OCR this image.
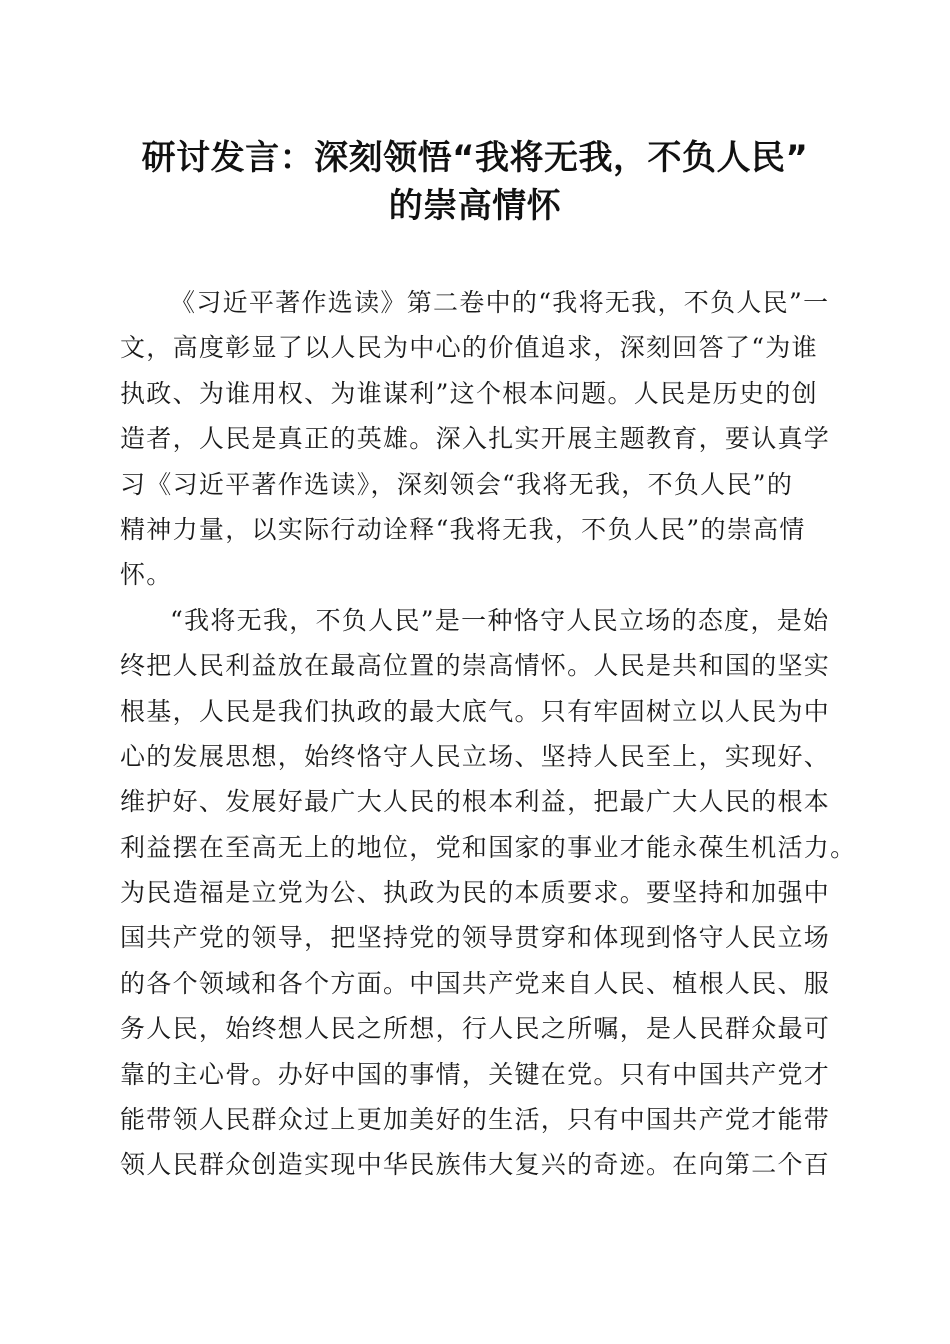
研讨发言：深刻领悟“我将无我，不负人民”
的崇高情怀
《习近平著作选读》第二卷中的“我将无我，不负人民”一
文，高度彰显了以人民为中心的价值追求，深刻回答了“为谁
执政、为谁用权、为谁谋利”这个根本问题。人民是历史的创
造者，人民是真正的英雄。深入扎实开展主题教育，要认真学
习《习近平著作选读》，深刻领会“我将无我，不负人民”的
精神力量，以实际行动诠释“我将无我，不负人民”的崇高情
怀。
“我将无我，不负人民”是一种恪守人民立场的态度，是始
终把人民利益放在最高位置的崇高情怀。人民是共和国的坚实
根基，人民是我们执政的最大底气。只有牢固树立以人民为中
心的发展思想，始终恪守人民立场、坚持人民至上，实现好、
维护好、发展好最广大人民的根本利益，把最广大人民的根本
利益摆在至高无上的地位，党和国家的事业才能永葆生机活力。
为民造福是立党为公、执政为民的本质要求。要坚持和加强中
国共产党的领导，把坚持党的领导贯穿和体现到恪守人民立场
的各个领域和各个方面。中国共产党来自人民、植根人民、服
务人民，始终想人民之所想，行人民之所嘱，是人民群众最可
靠的主心骨。办好中国的事情，关键在党。只有中国共产党才
能带领人民群众过上更加美好的生活，只有中国共产党才能带
领人民群众创造实现中华民族伟大复兴的奇迹。在向第二个百
